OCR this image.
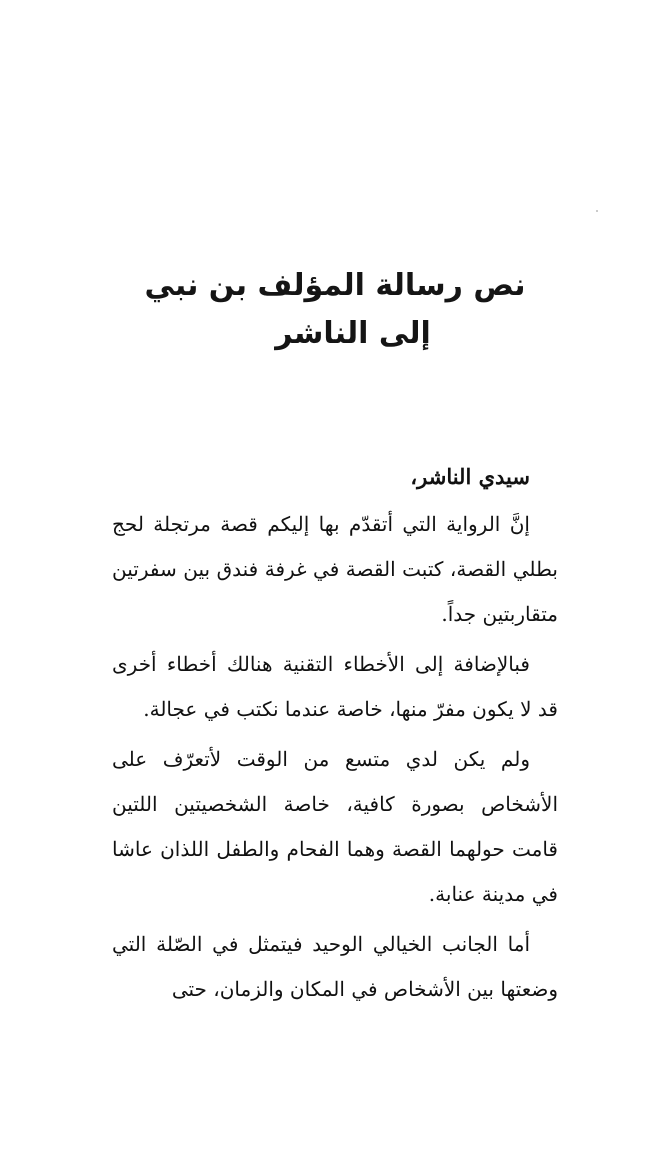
نص رسالة المؤلف بن نبي
إلى الناشر
سيدي الناشر،

إنَّ الرواية التي أتقدّم بها إليكم قصة مرتجلة لحج بطلي القصة، كتبت القصة في غرفة فندق بين سفرتين متقاربتين جداً.

فبالإضافة إلى الأخطاء التقنية هنالك أخطاء أخرى قد لا يكون مفرّ منها، خاصة عندما نكتب في عجالة.

ولم يكن لدي متسع من الوقت لأتعرّف على الأشخاص بصورة كافية، خاصة الشخصيتين اللتين قامت حولهما القصة وهما الفحام والطفل اللذان عاشا في مدينة عنابة.

أما الجانب الخيالي الوحيد فيتمثل في الصّلة التي وضعتها بين الأشخاص في المكان والزمان، حتى
